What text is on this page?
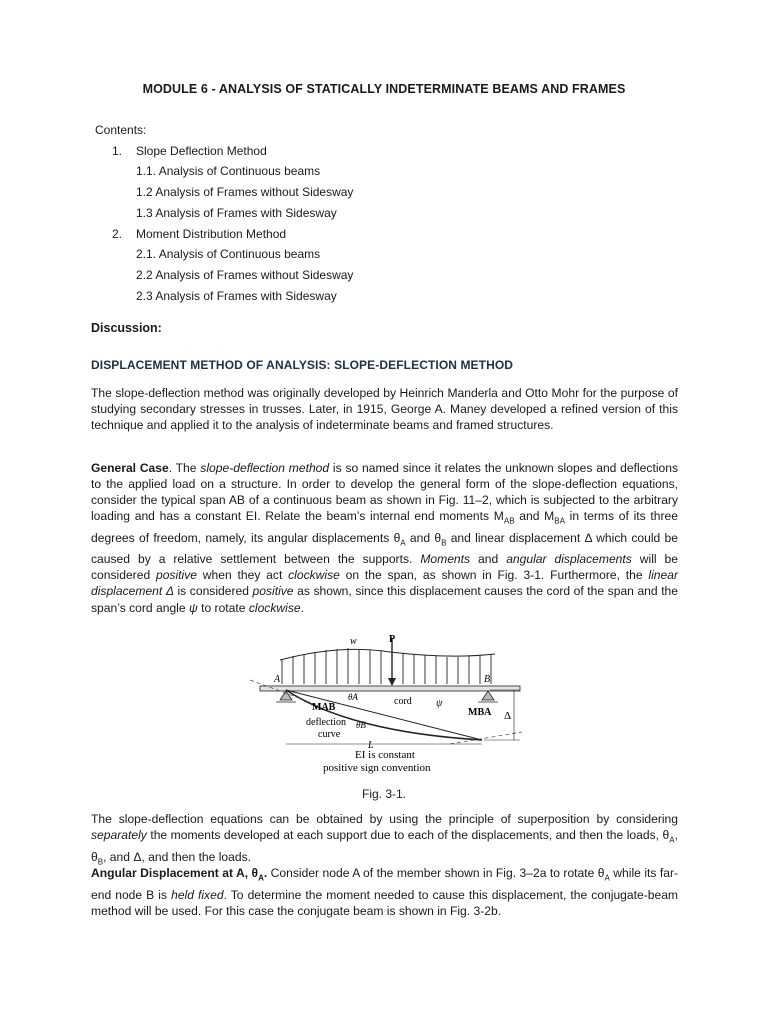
MODULE 6 - ANALYSIS OF STATICALLY INDETERMINATE BEAMS AND FRAMES
Contents:
1. Slope Deflection Method
1.1. Analysis of Continuous beams
1.2 Analysis of Frames without Sidesway
1.3 Analysis of Frames with Sidesway
2. Moment Distribution Method
2.1. Analysis of Continuous beams
2.2 Analysis of Frames without Sidesway
2.3 Analysis of Frames with Sidesway
Discussion:
DISPLACEMENT METHOD OF ANALYSIS: SLOPE-DEFLECTION METHOD
The slope-deflection method was originally developed by Heinrich Manderla and Otto Mohr for the purpose of studying secondary stresses in trusses. Later, in 1915, George A. Maney developed a refined version of this technique and applied it to the analysis of indeterminate beams and framed structures.
General Case. The slope-deflection method is so named since it relates the unknown slopes and deflections to the applied load on a structure. In order to develop the general form of the slope-deflection equations, consider the typical span AB of a continuous beam as shown in Fig. 11–2, which is subjected to the arbitrary loading and has a constant EI. Relate the beam’s internal end moments $M_{AB}$ and $M_{BA}$ in terms of its three degrees of freedom, namely, its angular displacements $\theta_A$ and $\theta_B$ and linear displacement Δ which could be caused by a relative settlement between the supports. Moments and angular displacements will be considered positive when they act clockwise on the span, as shown in Fig. 3-1. Furthermore, the linear displacement Δ is considered positive as shown, since this displacement causes the cord of the span and the span’s cord angle ψ to rotate clockwise.
P
w
A	B
Δ
θA	cord ψ
MAB	MBA
θB
deflection
curve
L
EI is constant
positive sign convention
Fig. 3-1.
The slope-deflection equations can be obtained by using the principle of superposition by considering separately the moments developed at each support due to each of the displacements, and then the loads, $\theta_A$, $\theta_B$, and Δ, and then the loads.
Angular Displacement at A, $\theta_A$. Consider node A of the member shown in Fig. 3–2a to rotate $\theta_A$ while its far-end node B is held fixed. To determine the moment needed to cause this displacement, the conjugate-beam method will be used. For this case the conjugate beam is shown in Fig. 3-2b.
